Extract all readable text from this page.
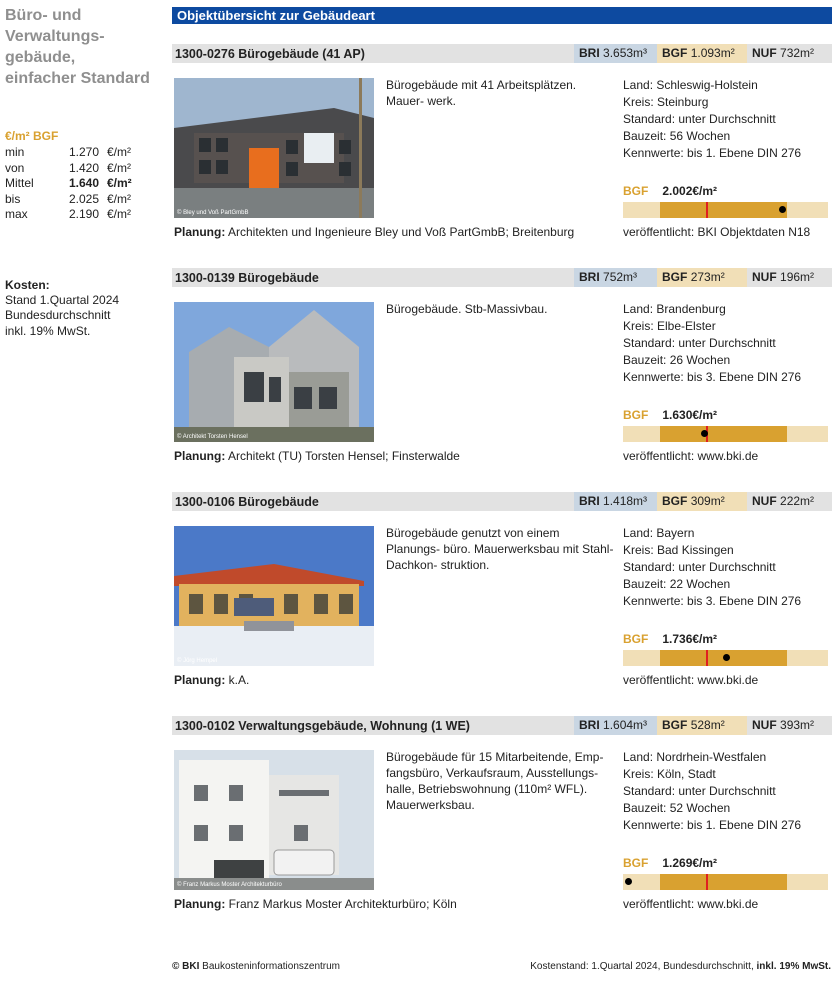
Büro- und
Verwaltungs-
gebäude,
einfacher Standard
€/m² BGF
min	1.270 €/m²
von	1.420 €/m²
Mittel	1.640 €/m²
bis	2.025 €/m²
max	2.190 €/m²
Kosten:
Stand 1.Quartal 2024
Bundesdurchschnitt
inkl. 19% MwSt.
Objektübersicht zur Gebäudeart
1300-0276 Bürogebäude (41 AP)	BRI 3.653m³	BGF 1.093m²	NUF 732m²
© Bley und Voß PartGmbB
Bürogebäude mit 41 Arbeitsplätzen. Mauer- werk.
Land: Schleswig-Holstein
Kreis: Steinburg
Standard: unter Durchschnitt
Bauzeit: 56 Wochen
Kennwerte: bis 1. Ebene DIN 276
BGF 2.002€/m²
Planung: Architekten und Ingenieure Bley und Voß PartGmbB; Breitenburg	veröffentlicht: BKI Objektdaten N18
1300-0139 Bürogebäude	BRI 752m³	BGF 273m²	NUF 196m²
© Architekt Torsten Hensel
Bürogebäude. Stb-Massivbau.	Land: Brandenburg
Kreis: Elbe-Elster
Standard: unter Durchschnitt
Bauzeit: 26 Wochen
Kennwerte: bis 3. Ebene DIN 276
BGF 1.630€/m²
Planung: Architekt (TU) Torsten Hensel; Finsterwalde	veröffentlicht: www.bki.de
1300-0106 Bürogebäude	BRI 1.418m³	BGF 309m²	NUF 222m²
© Jörg Hempel
Bürogebäude genutzt von einem Planungs- büro. Mauerwerksbau mit Stahl-Dachkon- struktion.
Land: Bayern
Kreis: Bad Kissingen
Standard: unter Durchschnitt
Bauzeit: 22 Wochen
Kennwerte: bis 3. Ebene DIN 276
BGF 1.736€/m²
Planung: k.A.	veröffentlicht: www.bki.de
1300-0102 Verwaltungsgebäude, Wohnung (1 WE)	BRI 1.604m³	BGF 528m²	NUF 393m²
© Franz Markus Moster Architekturbüro
Bürogebäude für 15 Mitarbeitende, Emp- fangsbüro, Verkaufsraum, Ausstellungs- halle, Betriebswohnung (110m² WFL). Mauerwerksbau.
Land: Nordrhein-Westfalen
Kreis: Köln, Stadt
Standard: unter Durchschnitt
Bauzeit: 52 Wochen
Kennwerte: bis 1. Ebene DIN 276
BGF 1.269€/m²
Planung: Franz Markus Moster Architekturbüro; Köln	veröffentlicht: www.bki.de
© BKI Baukosteninformationszentrum	Kostenstand: 1.Quartal 2024, Bundesdurchschnitt, inkl. 19% MwSt.
